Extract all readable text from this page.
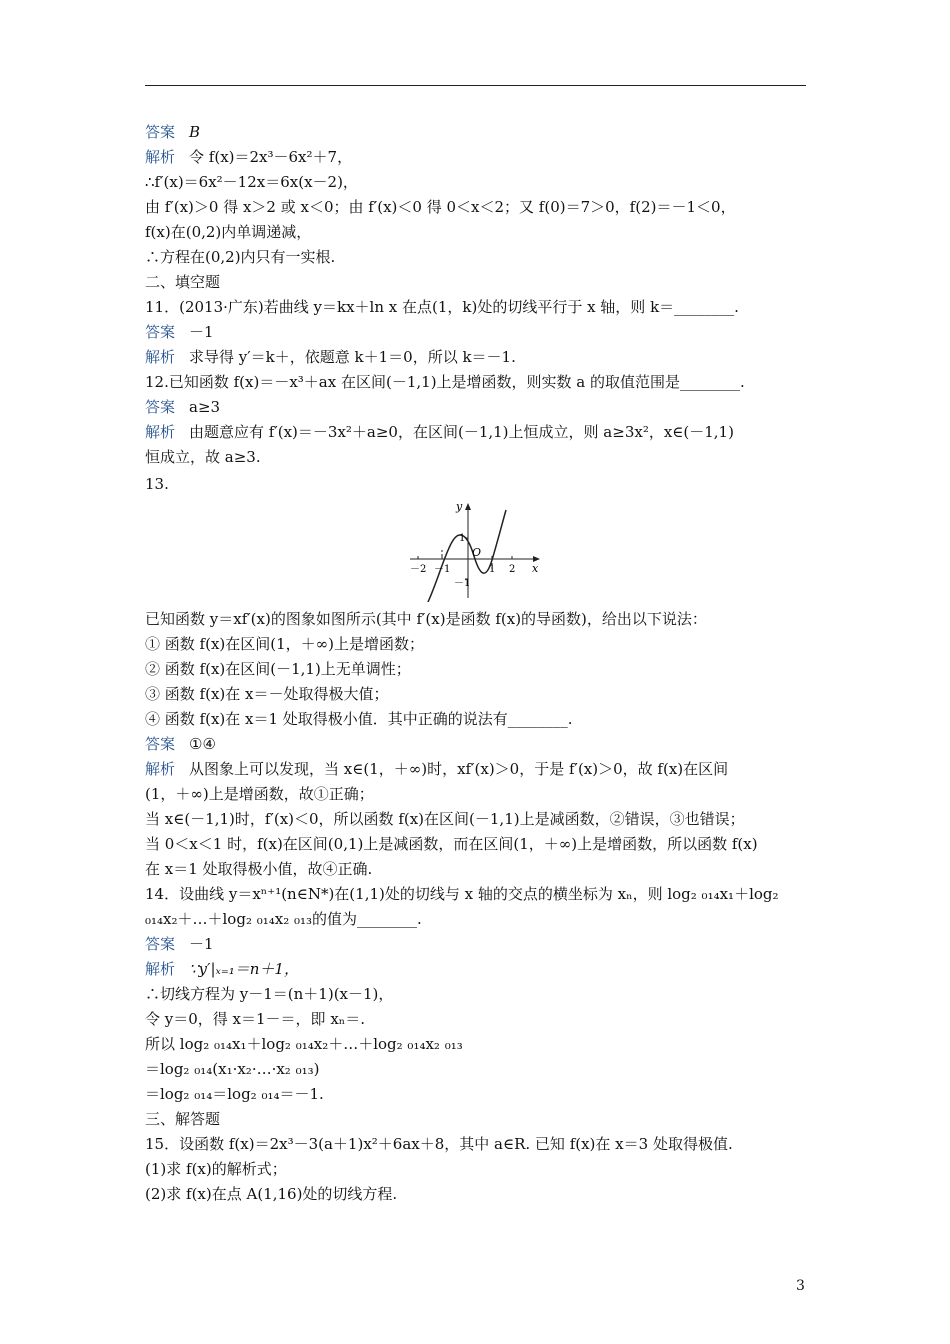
答案 B
解析 令 f(x)＝2x³－6x²＋7，
∴f′(x)＝6x²－12x＝6x(x－2)，
由 f′(x)＞0 得 x＞2 或 x＜0；由 f′(x)＜0 得 0＜x＜2；又 f(0)＝7＞0，f(2)＝－1＜0，
f(x)在(0,2)内单调递减，
∴方程在(0,2)内只有一实根.
二、填空题
11．(2013·广东)若曲线 y＝kx＋ln x 在点(1，k)处的切线平行于 x 轴，则 k＝________.
答案 －1
解析 求导得 y′＝k＋，依题意 k＋1＝0，所以 k＝－1.
12.已知函数 f(x)＝－x³＋ax 在区间(－1,1)上是增函数，则实数 a 的取值范围是________.
答案 a≥3
解析 由题意应有 f′(x)＝－3x²＋a≥0，在区间(－1,1)上恒成立，则 a≥3x²，x∈(－1,1)
恒成立，故 a≥3.
13.
y
x
O
－2 －1	1 2
1
－1
已知函数 y＝xf′(x)的图象如图所示(其中 f′(x)是函数 f(x)的导函数)，给出以下说法：
① 函数 f(x)在区间(1，＋∞)上是增函数；
② 函数 f(x)在区间(－1,1)上无单调性；
③ 函数 f(x)在 x＝－处取得极大值；
④ 函数 f(x)在 x＝1 处取得极小值．其中正确的说法有________.
答案 ①④
解析 从图象上可以发现，当 x∈(1，＋∞)时，xf′(x)＞0，于是 f′(x)＞0，故 f(x)在区间
(1，＋∞)上是增函数，故①正确；
当 x∈(－1,1)时，f′(x)＜0，所以函数 f(x)在区间(－1,1)上是减函数，②错误，③也错误；
当 0＜x＜1 时，f(x)在区间(0,1)上是减函数，而在区间(1，＋∞)上是增函数，所以函数 f(x)
在 x＝1 处取得极小值，故④正确.
14．设曲线 y＝xⁿ⁺¹(n∈N*)在(1,1)处的切线与 x 轴的交点的横坐标为 xₙ，则 log₂ ₀₁₄x₁＋log₂
₀₁₄x₂＋…＋log₂ ₀₁₄x₂ ₀₁₃的值为________.
答案 －1
解析 ∵y′|ₓ₌₁＝n＋1，
∴切线方程为 y－1＝(n＋1)(x－1)，
令 y＝0，得 x＝1－＝，即 xₙ＝.
所以 log₂ ₀₁₄x₁＋log₂ ₀₁₄x₂＋…＋log₂ ₀₁₄x₂ ₀₁₃
＝log₂ ₀₁₄(x₁·x₂·…·x₂ ₀₁₃)
＝log₂ ₀₁₄＝log₂ ₀₁₄＝－1.
三、解答题
15．设函数 f(x)＝2x³－3(a＋1)x²＋6ax＋8，其中 a∈R. 已知 f(x)在 x＝3 处取得极值.
(1)求 f(x)的解析式；
(2)求 f(x)在点 A(1,16)处的切线方程.
3
